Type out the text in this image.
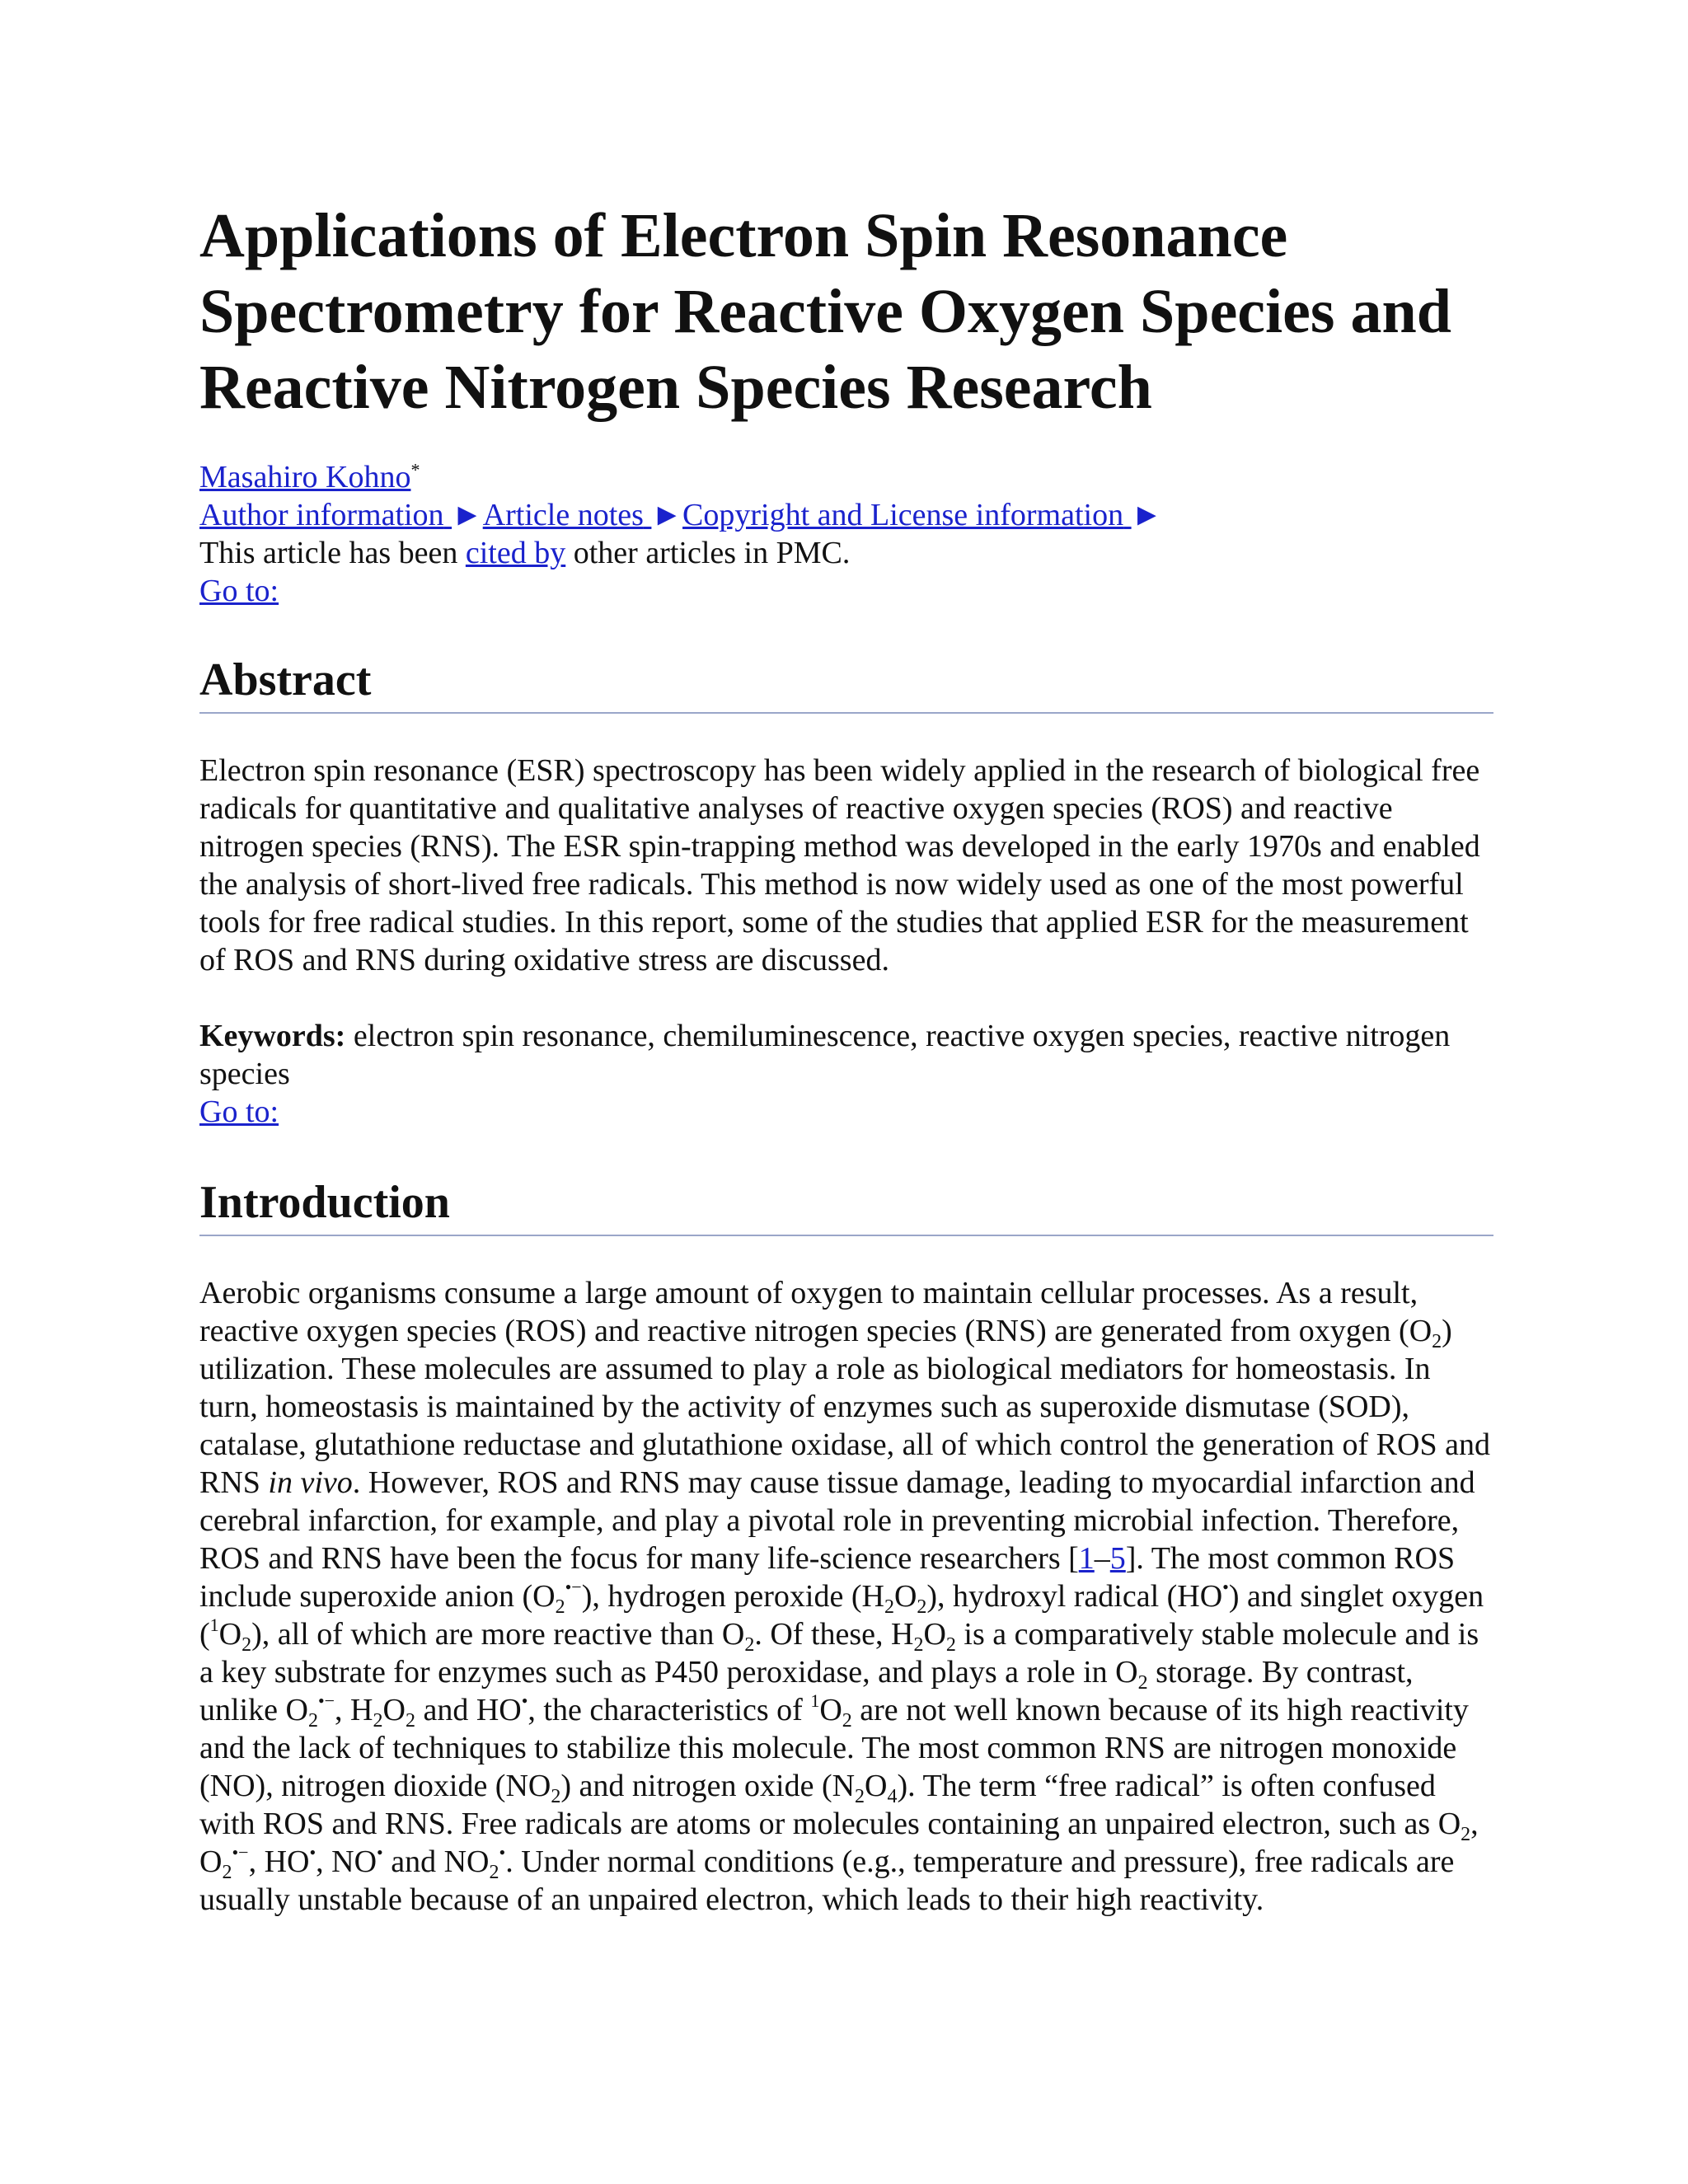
Applications of Electron Spin Resonance Spectrometry for Reactive Oxygen Species and Reactive Nitrogen Species Research
Masahiro Kohno*
Author information ►Article notes ►Copyright and License information ►
This article has been cited by other articles in PMC.
Go to:
Abstract

Electron spin resonance (ESR) spectroscopy has been widely applied in the research of biological free radicals for quantitative and qualitative analyses of reactive oxygen species (ROS) and reactive nitrogen species (RNS). The ESR spin-trapping method was developed in the early 1970s and enabled the analysis of short-lived free radicals. This method is now widely used as one of the most powerful tools for free radical studies. In this report, some of the studies that applied ESR for the measurement of ROS and RNS during oxidative stress are discussed.

Keywords: electron spin resonance, chemiluminescence, reactive oxygen species, reactive nitrogen species

Go to:
Introduction

Aerobic organisms consume a large amount of oxygen to maintain cellular processes. As a result, reactive oxygen species (ROS) and reactive nitrogen species (RNS) are generated from oxygen $(O_2)$ utilization. These molecules are assumed to play a role as biological mediators for homeostasis. In turn, homeostasis is maintained by the activity of enzymes such as superoxide dismutase (SOD), catalase, glutathione reductase and glutathione oxidase, all of which control the generation of ROS and RNS in vivo. However, ROS and RNS may cause tissue damage, leading to myocardial infarction and cerebral infarction, for example, and play a pivotal role in preventing microbial infection. Therefore, ROS and RNS have been the focus for many life-science researchers [1–5]. The most common ROS include superoxide anion $(O_2^{•-})$, hydrogen peroxide $(H_2O_2)$, hydroxyl radical (HO•) and singlet oxygen $(^1O_2)$, all of which are more reactive than $O_2$. Of these, $H_2O_2$ is a comparatively stable molecule and is a key substrate for enzymes such as P450 peroxidase, and plays a role in $O_2$ storage. By contrast, unlike $O_2^{•-}$, $H_2O_2$ and HO•, the characteristics of $^1O_2$ are not well known because of its high reactivity and the lack of techniques to stabilize this molecule. The most common RNS are nitrogen monoxide (NO), nitrogen dioxide $(NO_2)$ and nitrogen oxide $(N_2O_4)$. The term “free radical” is often confused with ROS and RNS. Free radicals are atoms or molecules containing an unpaired electron, such as $O_2$, $O_2^{•-}$, HO•, NO• and $NO_2^•$. Under normal conditions (e.g., temperature and pressure), free radicals are usually unstable because of an unpaired electron, which leads to their high reactivity.
